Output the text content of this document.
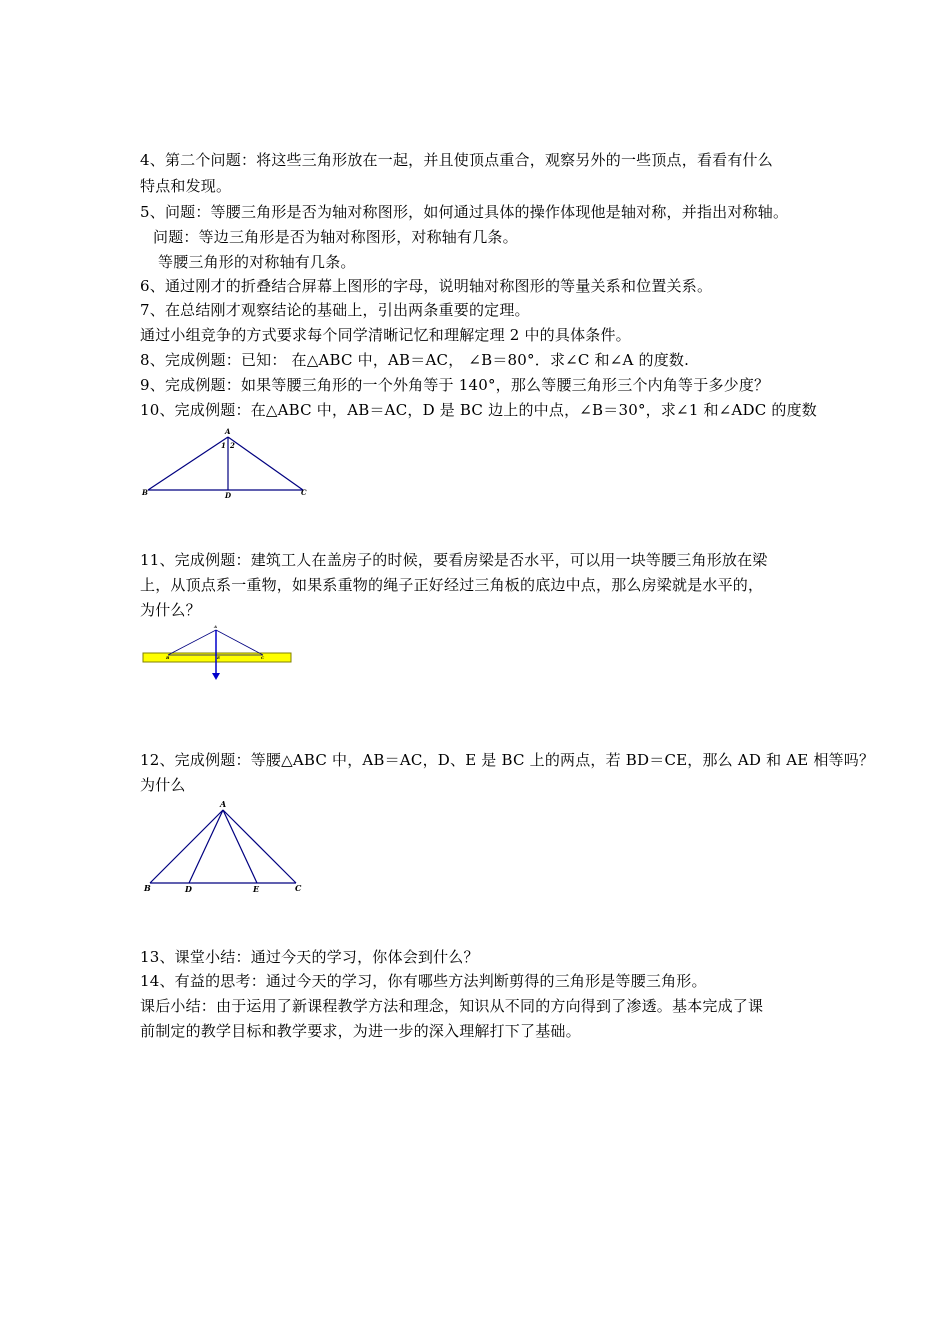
4、第二个问题：将这些三角形放在一起，并且使顶点重合，观察另外的一些顶点，看看有什么
特点和发现。
5、问题：等腰三角形是否为轴对称图形，如何通过具体的操作体现他是轴对称，并指出对称轴。
问题：等边三角形是否为轴对称图形，对称轴有几条。
等腰三角形的对称轴有几条。
6、通过刚才的折叠结合屏幕上图形的字母，说明轴对称图形的等量关系和位置关系。
7、在总结刚才观察结论的基础上，引出两条重要的定理。
通过小组竞争的方式要求每个同学清晰记忆和理解定理 2 中的具体条件。
8、完成例题：已知： 在△ABC 中，AB＝AC， ∠B＝80°．求∠C 和∠A 的度数.
9、完成例题：如果等腰三角形的一个外角等于 140°，那么等腰三角形三个内角等于多少度？
10、完成例题：在△ABC 中，AB＝AC，D 是 BC 边上的中点，∠B＝30°，求∠1 和∠ADC 的度数
A
B	C
D
1 2
11、完成例题：建筑工人在盖房子的时候，要看房梁是否水平，可以用一块等腰三角形放在梁
上，从顶点系一重物，如果系重物的绳子正好经过三角板的底边中点，那么房梁就是水平的，
为什么？
A
B	E	C
12、完成例题：等腰△ABC 中，AB＝AC，D、E 是 BC 上的两点，若 BD＝CE，那么 AD 和 AE 相等吗？
为什么
A
B	C
D	E
13、课堂小结：通过今天的学习，你体会到什么？
14、有益的思考：通过今天的学习，你有哪些方法判断剪得的三角形是等腰三角形。
课后小结：由于运用了新课程教学方法和理念，知识从不同的方向得到了渗透。基本完成了课
前制定的教学目标和教学要求，为进一步的深入理解打下了基础。
